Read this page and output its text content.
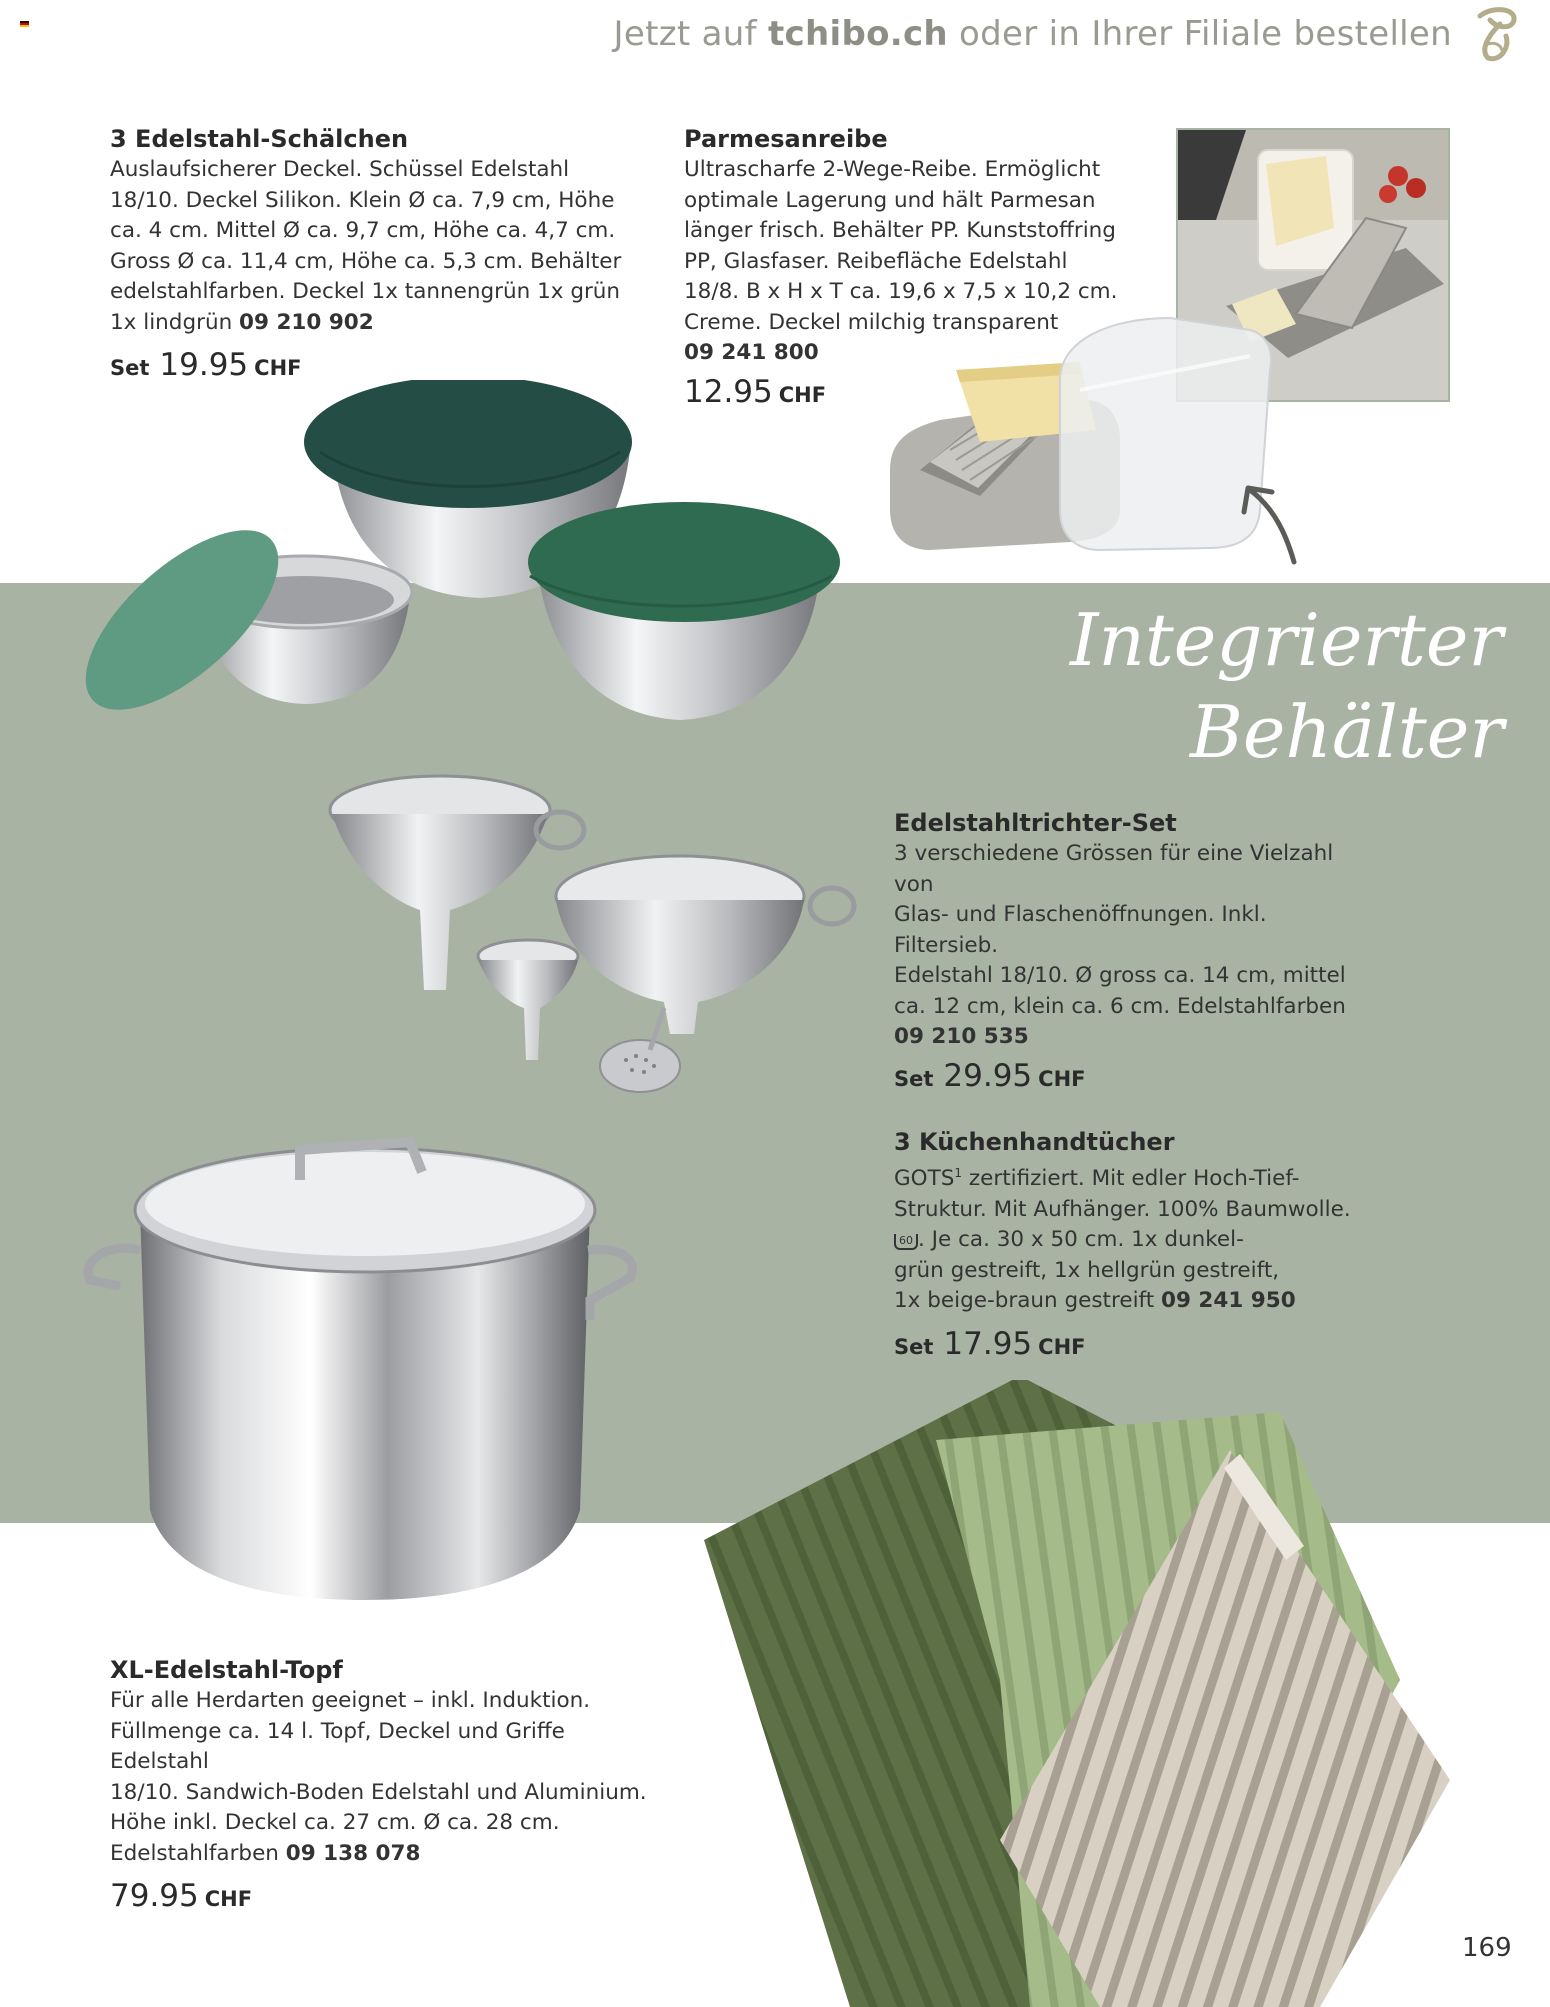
Jetzt auf tchibo.ch oder in Ihrer Filiale bestellen
3 Edelstahl-Schälchen
Auslaufsicherer Deckel. Schüssel Edelstahl
18/10. Deckel Silikon. Klein Ø ca. 7,9 cm, Höhe
ca. 4 cm. Mittel Ø ca. 9,7 cm, Höhe ca. 4,7 cm.
Gross Ø ca. 11,4 cm, Höhe ca. 5,3 cm. Behälter
edelstahlfarben. Deckel 1x tannengrün 1x grün
1x lindgrün 09 210 902
Set 19.95 CHF
Parmesanreibe
Ultrascharfe 2-Wege-Reibe. Ermöglicht
optimale Lagerung und hält Parmesan
länger frisch. Behälter PP. Kunststoffring
PP, Glasfaser. Reibefläche Edelstahl
18/8. B x H x T ca. 19,6 x 7,5 x 10,2 cm.
Creme. Deckel milchig transparent
09 241 800
12.95 CHF
Integrierter
Behälter
Edelstahltrichter-Set
3 verschiedene Grössen für eine Vielzahl von
Glas- und Flaschenöffnungen. Inkl. Filtersieb.
Edelstahl 18/10. Ø gross ca. 14 cm, mittel
ca. 12 cm, klein ca. 6 cm. Edelstahlfarben
09 210 535
Set 29.95 CHF
3 Küchenhandtücher
GOTS$^1$ zertifiziert. Mit edler Hoch-Tief-
Struktur. Mit Aufhänger. 100% Baumwolle.
60 . Je ca. 30 x 50 cm. 1x dunkel-
grün gestreift, 1x hellgrün gestreift,
1x beige-braun gestreift 09 241 950
Set 17.95 CHF
XL-Edelstahl-Topf
Für alle Herdarten geeignet – inkl. Induktion.
Füllmenge ca. 14 l. Topf, Deckel und Griffe Edelstahl
18/10. Sandwich-Boden Edelstahl und Aluminium.
Höhe inkl. Deckel ca. 27 cm. Ø ca. 28 cm.
Edelstahlfarben 09 138 078
79.95 CHF
169
